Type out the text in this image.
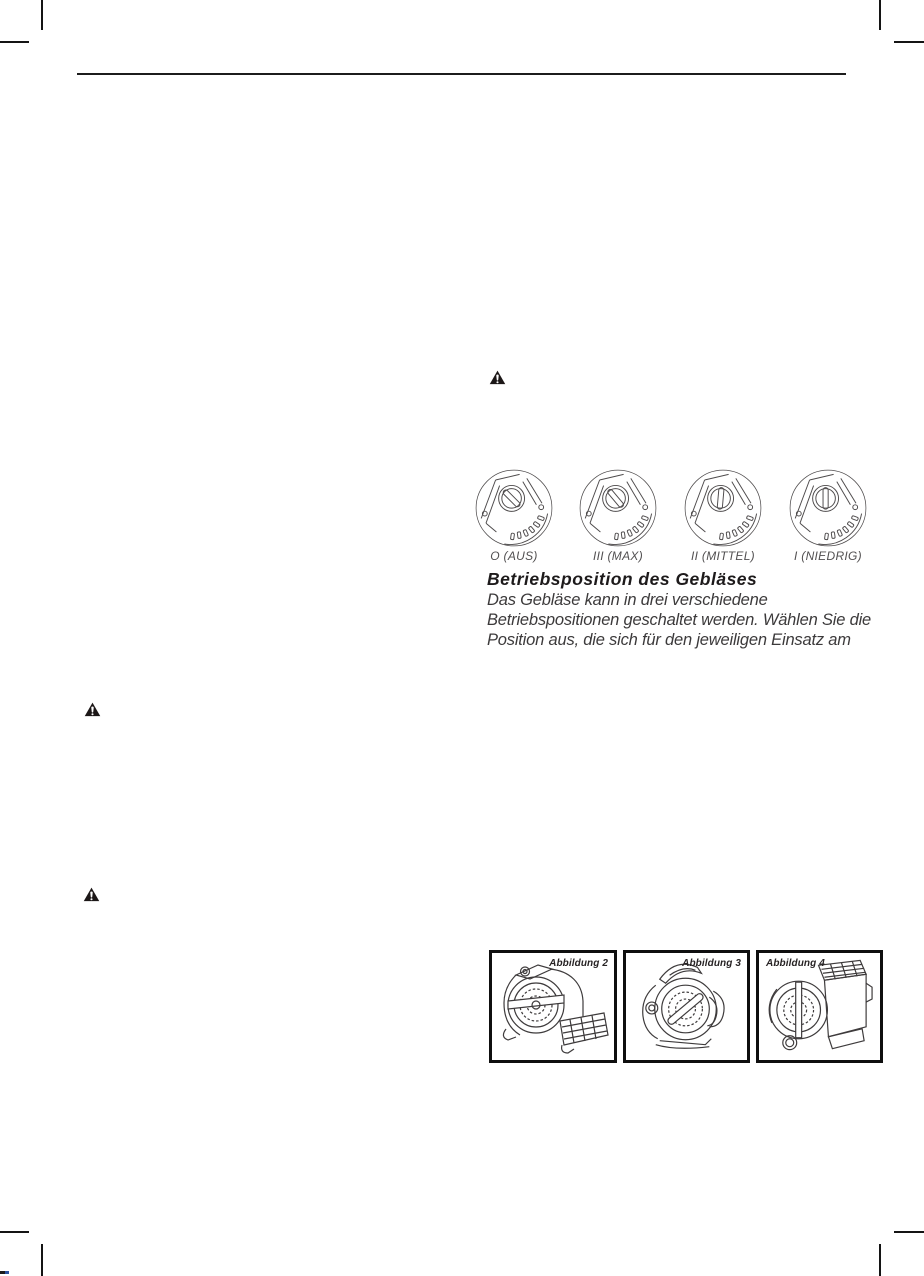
O (AUS)	III (MAX)	II (MITTEL)	I (NIEDRIG)
Betriebsposition des Gebläses
Das Gebläse kann in drei verschiedene
Betriebspositionen geschaltet werden. Wählen Sie die
Position aus, die sich für den jeweiligen Einsatz am
Abbildung 2	Abbildung 3	Abbildung 4
